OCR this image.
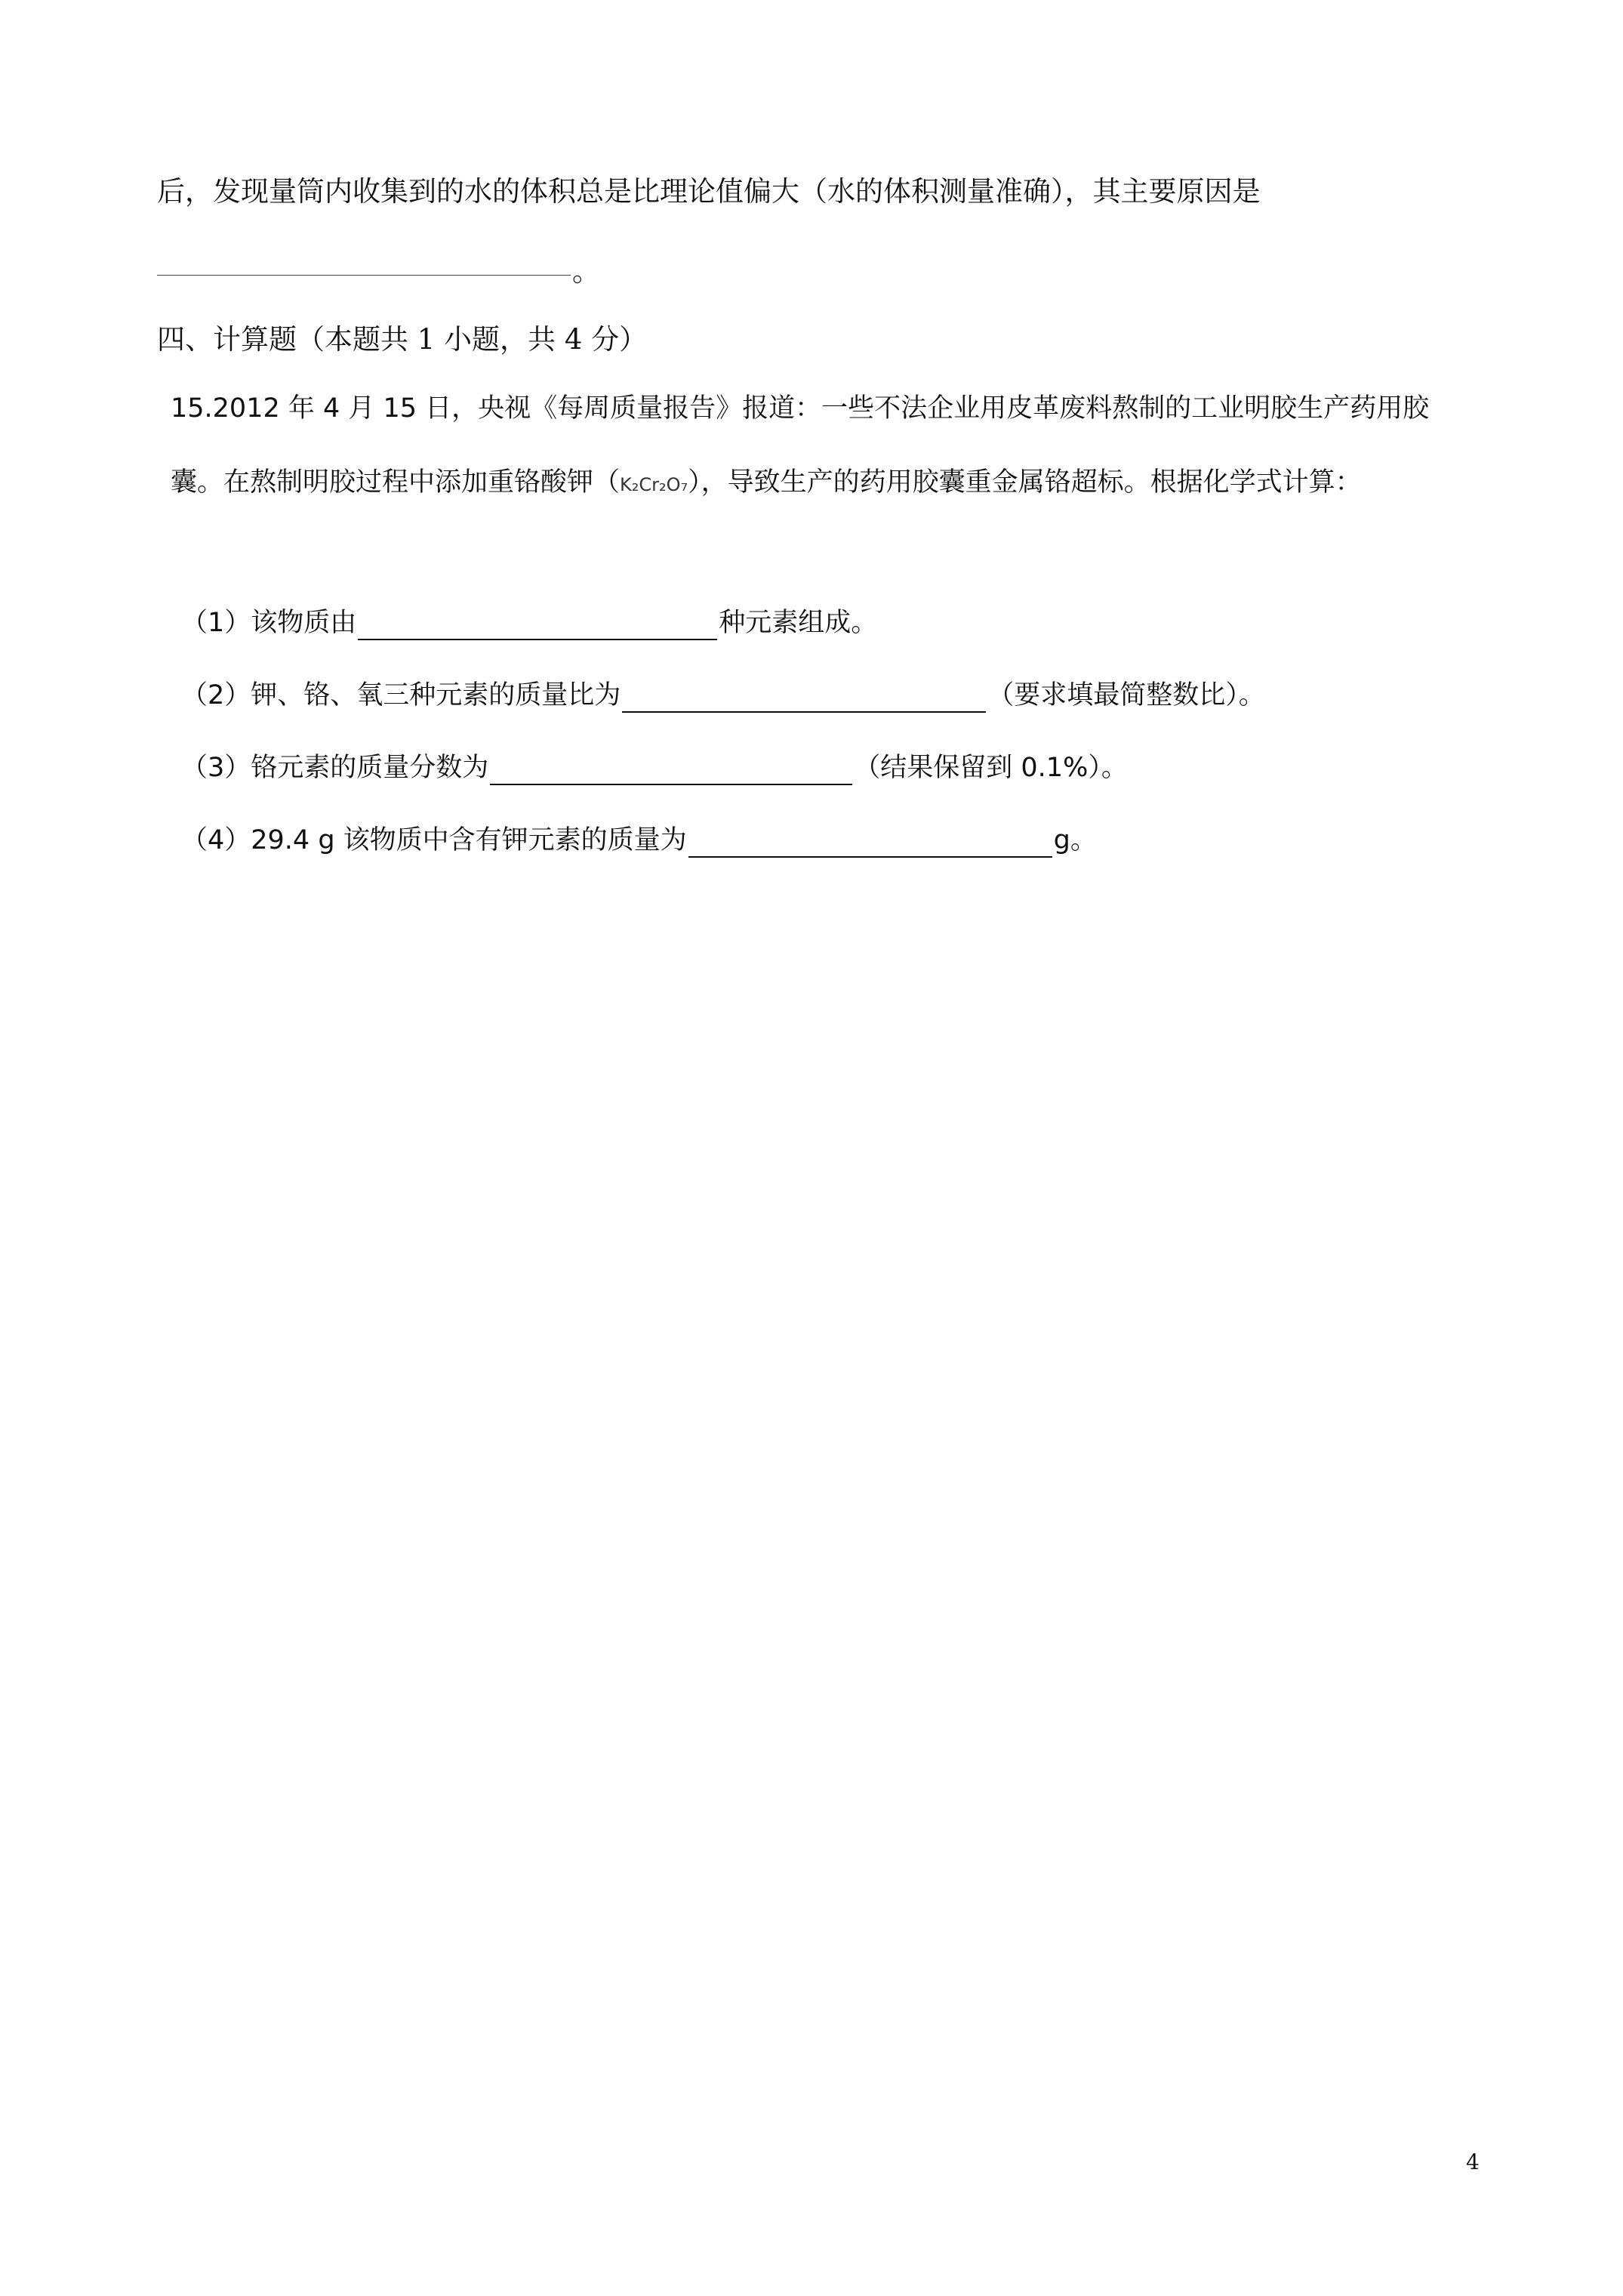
后，发现量筒内收集到的水的体积总是比理论值偏大（水的体积测量准确），其主要原因是
。
四、计算题（本题共 1 小题，共 4 分）
15.2012 年 4 月 15 日，央视《每周质量报告》报道：一些不法企业用皮革废料熬制的工业明胶生产药用胶
囊。在熬制明胶过程中添加重铬酸钾（K₂Cr₂O₇），导致生产的药用胶囊重金属铬超标。根据化学式计算：
（1）该物质由	种元素组成。
（2）钾、铬、氧三种元素的质量比为	（要求填最简整数比）。
（3）铬元素的质量分数为	（结果保留到 0.1%）。
（4）29.4 g 该物质中含有钾元素的质量为	g。
4
